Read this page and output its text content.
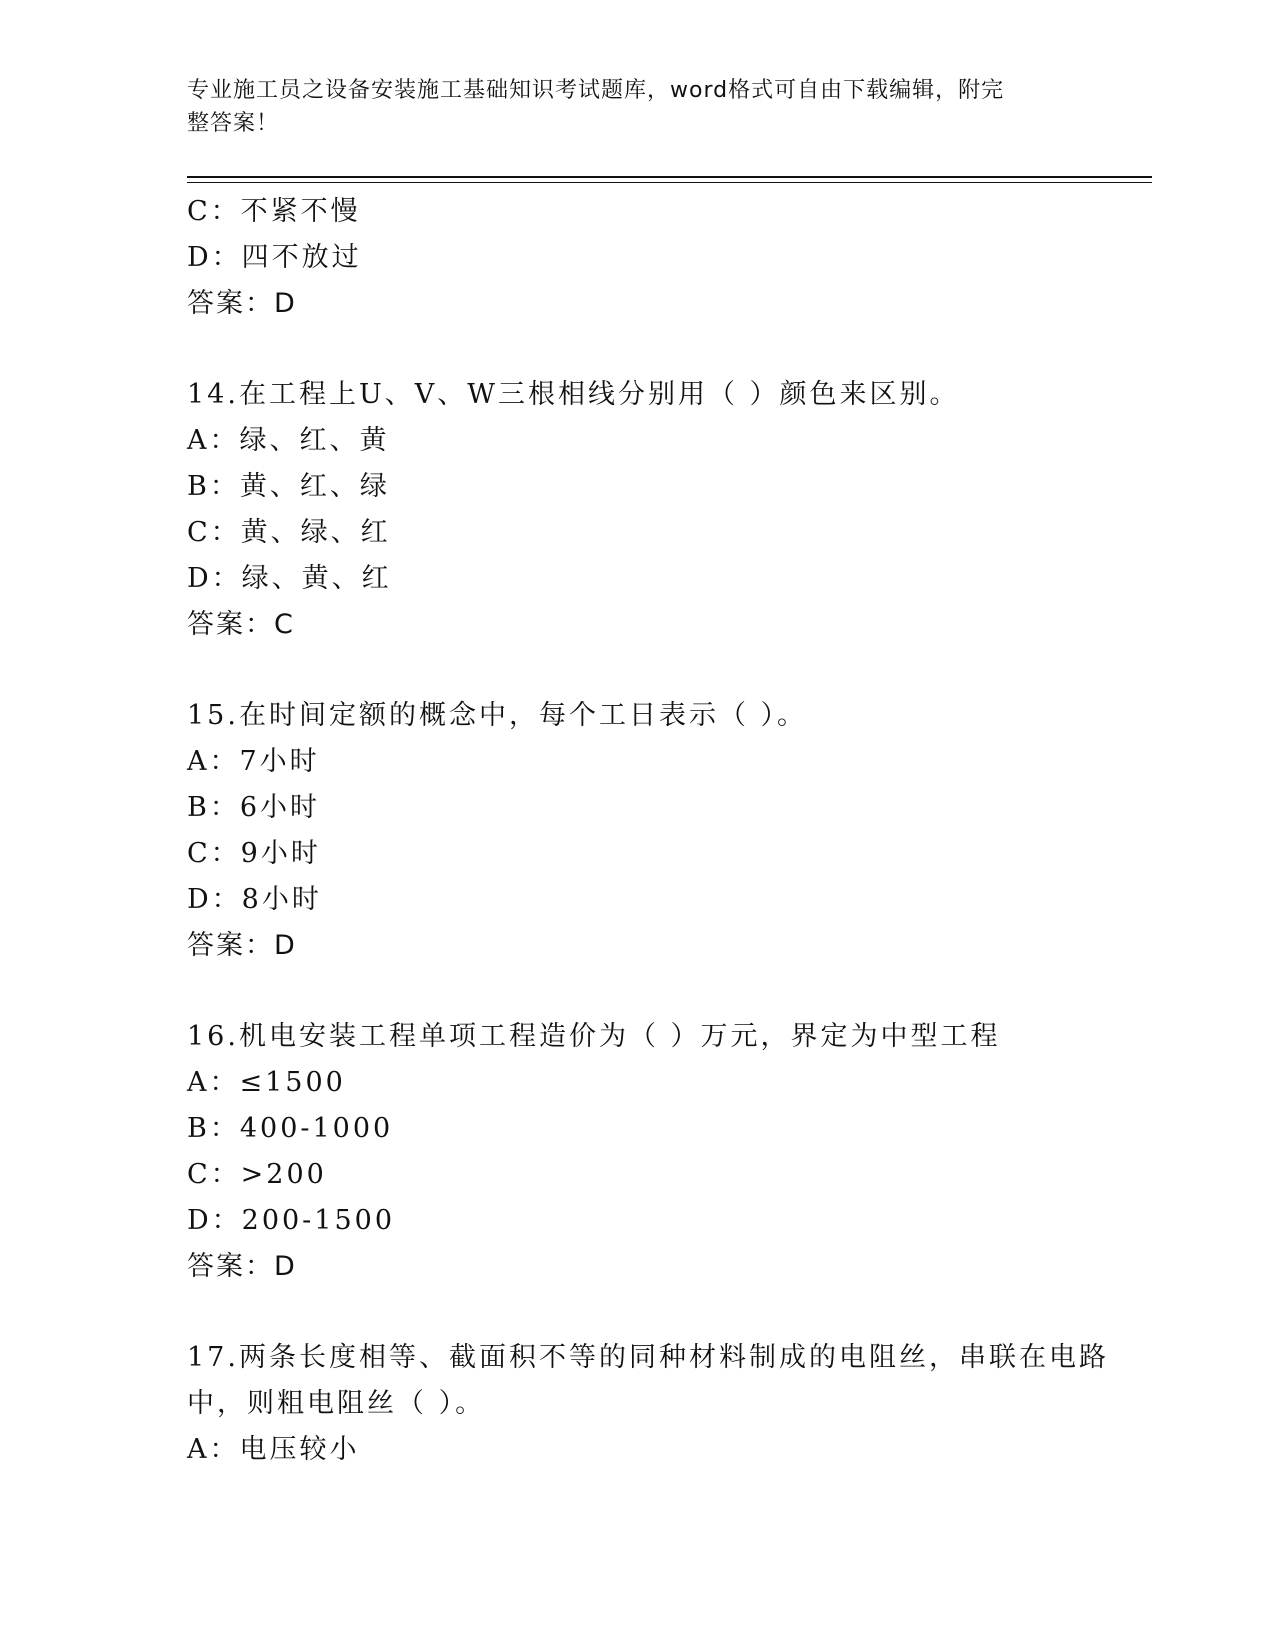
专业施工员之设备安装施工基础知识考试题库，word格式可自由下载编辑，附完
整答案！
C：不紧不慢
D：四不放过
答案：D
14.在工程上U、V、W三根相线分别用（ ）颜色来区别。
A：绿、红、黄
B：黄、红、绿
C：黄、绿、红
D：绿、黄、红
答案：C
15.在时间定额的概念中，每个工日表示（ ）。
A：7小时
B：6小时
C：9小时
D：8小时
答案：D
16.机电安装工程单项工程造价为（ ）万元，界定为中型工程
A：≤1500
B：400-1000
C：>200
D：200-1500
答案：D
17.两条长度相等、截面积不等的同种材料制成的电阻丝，串联在电路
中，则粗电阻丝（ ）。
A：电压较小
